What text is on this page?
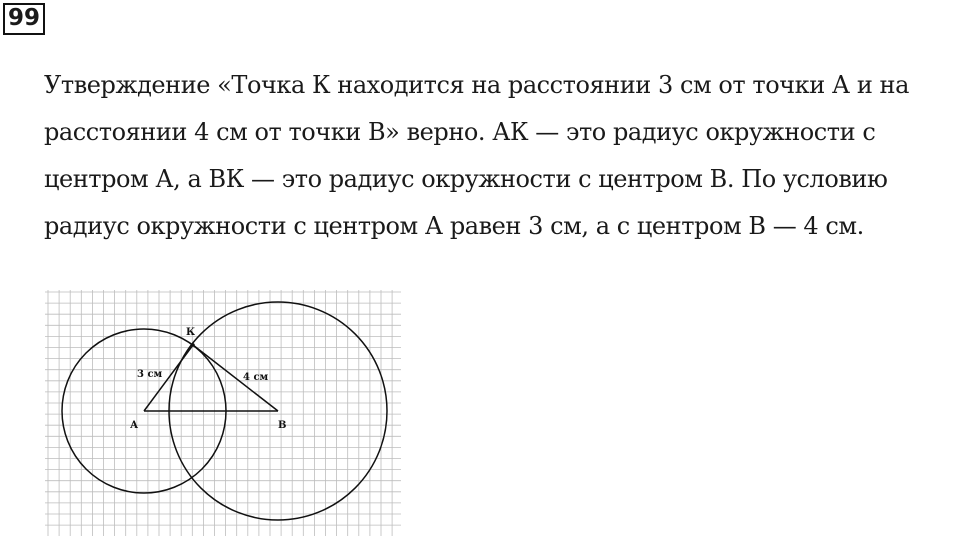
99
Утверждение «Точка К находится на расстоянии 3 см от точки А и на
расстоянии 4 см от точки В» верно. АК — это радиус окружности с
центром А, а ВК — это радиус окружности с центром В. По условию
радиус окружности с центром А равен 3 см, а с центром В — 4 см.
А	В
К
3 см	4 см
